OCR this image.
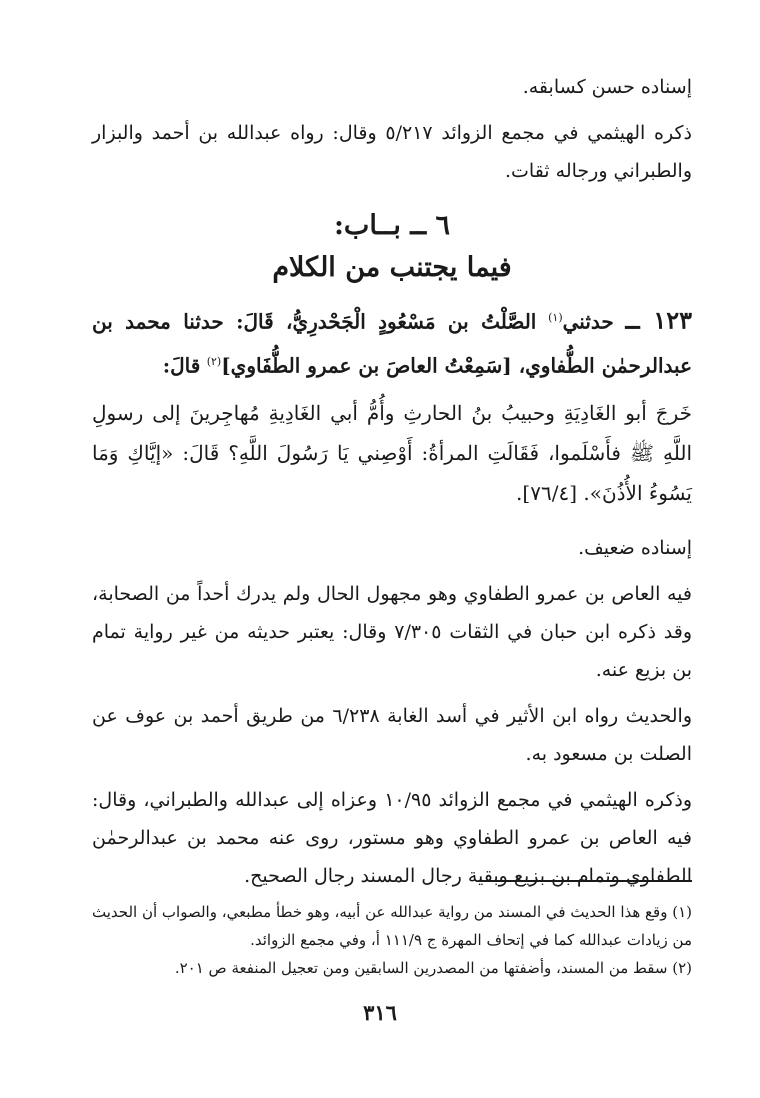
إسناده حسن كسابقه.

ذكره الهيثمي في مجمع الزوائد ٥/٢١٧ وقال: رواه عبدالله بن أحمد والبزار والطبراني ورجاله ثقات.

٦ ــ بــاب:

فيما يجتنب من الكلام

١٢٣ ــ حدثني$^{(١)}$ الصَّلْتُ بن مَسْعُودٍ الْجَحْدرِيُّ، قَالَ: حدثنا محمد بن عبدالرحمٰن الطُّفاوي، [سَمِعْتُ العاصَ بن عمرو الطُّفَاوي]$^{(٢)}$ قالَ:

خَرجَ أبو الغَادِيَةِ وحبيبُ بنُ الحارثِ وأُمُّ أبي الغَادِيةِ مُهاجِرينَ إلى رسولِ اللَّهِ ﷺ فأَسْلَموا، فَقَالَتِ المرأةُ: أَوْصِني يَا رَسُولَ اللَّهِ؟ قَالَ: «إيَّاكِ وَمَا يَسُوءُ الأُذُنَ». [٧٦/٤].

إسناده ضعيف.

فيه العاص بن عمرو الطفاوي وهو مجهول الحال ولم يدرك أحداً من الصحابة، وقد ذكره ابن حبان في الثقات ٧/٣٠٥ وقال: يعتبر حديثه من غير رواية تمام بن بزيع عنه.

والحديث رواه ابن الأثير في أسد الغابة ٦/٢٣٨ من طريق أحمد بن عوف عن الصلت بن مسعود به.

وذكره الهيثمي في مجمع الزوائد ١٠/٩٥ وعزاه إلى عبدالله والطبراني، وقال: فيه العاص بن عمرو الطفاوي وهو مستور، روى عنه محمد بن عبدالرحمٰن الطفاوي وتمام بن بزيع وبقية رجال المسند رجال الصحيح.

(١) وقع هذا الحديث في المسند من رواية عبدالله عن أبيه، وهو خطأ مطبعي، والصواب أن الحديث من زيادات عبدالله كما في إتحاف المهرة ج ١١١/٩ أ، وفي مجمع الزوائد.

(٢) سقط من المسند، وأضفتها من المصدرين السابقين ومن تعجيل المنفعة ص ٢٠١.

٣١٦
